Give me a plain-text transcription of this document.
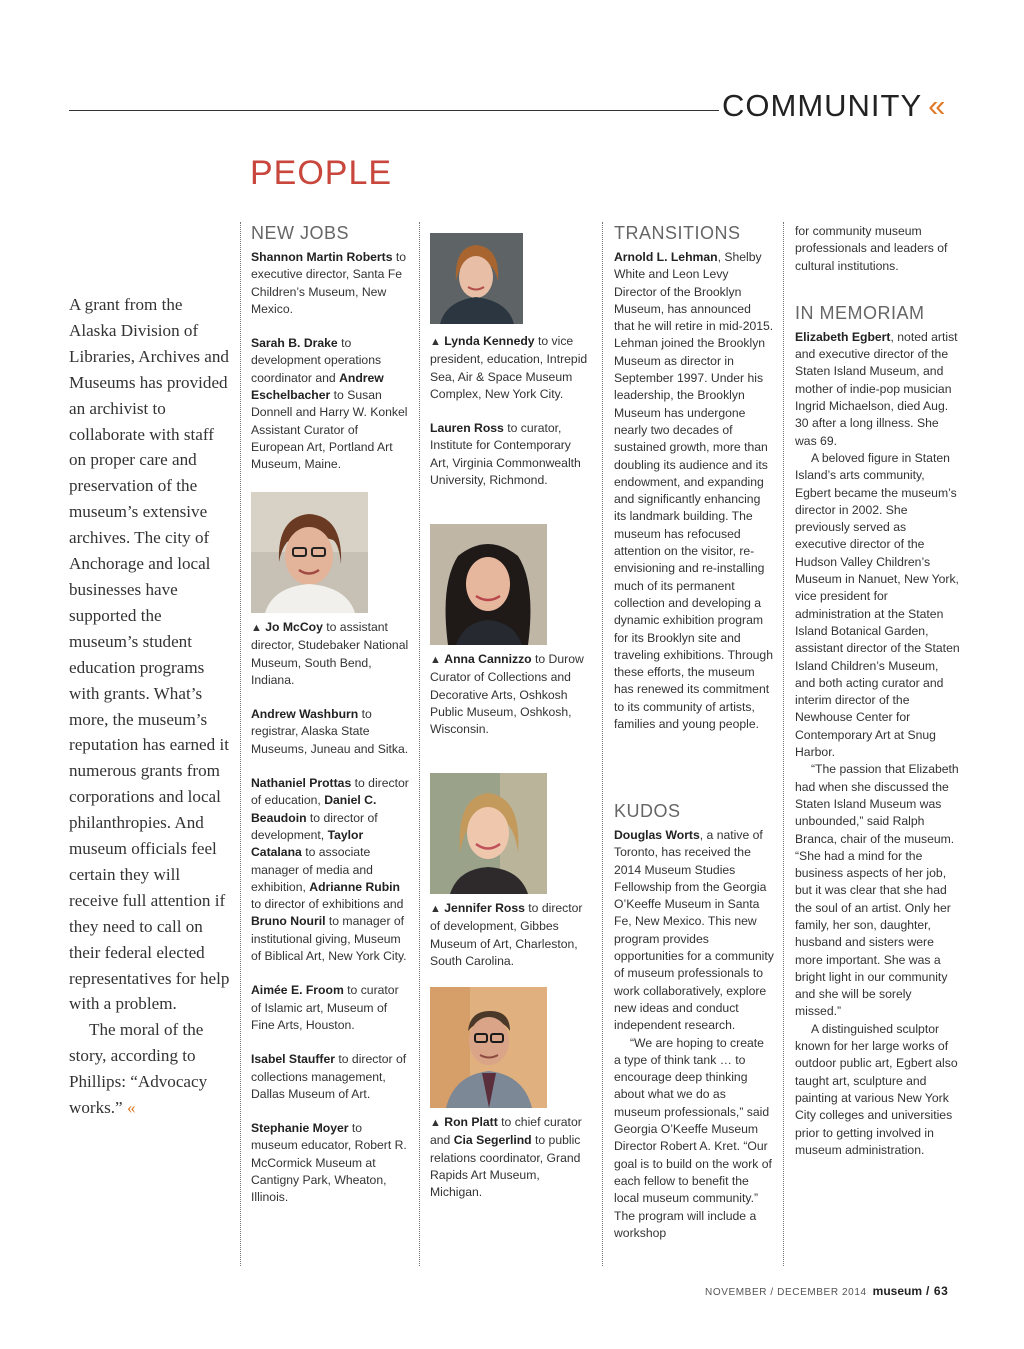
COMMUNITY «
PEOPLE

A grant from the Alaska Division of Libraries, Archives and Museums has provided an archivist to collaborate with staff on proper care and preservation of the museum’s extensive archives. The city of Anchorage and local businesses have supported the museum’s student education programs with grants. What’s more, the museum’s reputation has earned it numerous grants from corporations and local philanthropies. And museum officials feel certain they will receive full attention if they need to call on their federal elected representatives for help with a problem.

The moral of the story, according to Phillips: “Advocacy works.” «

NEW JOBS

Shannon Martin Roberts to executive director, Santa Fe Children’s Museum, New Mexico.

Sarah B. Drake to development operations coordinator and Andrew Eschelbacher to Susan Donnell and Harry W. Konkel Assistant Curator of European Art, Portland Art Museum, Maine.

▲ Jo McCoy to assistant director, Studebaker National Museum, South Bend, Indiana.

Andrew Washburn to registrar, Alaska State Museums, Juneau and Sitka.

Nathaniel Prottas to director of education, Daniel C. Beaudoin to director of development, Taylor Catalana to associate manager of media and exhibition, Adrianne Rubin to director of exhibitions and Bruno Nouril to manager of institutional giving, Museum of Biblical Art, New York City.

Aimée E. Froom to curator of Islamic art, Museum of Fine Arts, Houston.

Isabel Stauffer to director of collections management, Dallas Museum of Art.

Stephanie Moyer to museum educator, Robert R. McCormick Museum at Cantigny Park, Wheaton, Illinois.

▲ Lynda Kennedy to vice president, education, Intrepid Sea, Air & Space Museum Complex, New York City.

Lauren Ross to curator, Institute for Contemporary Art, Virginia Commonwealth University, Richmond.

▲ Anna Cannizzo to Durow Curator of Collections and Decorative Arts, Oshkosh Public Museum, Oshkosh, Wisconsin.

▲ Jennifer Ross to director of development, Gibbes Museum of Art, Charleston, South Carolina.

▲ Ron Platt to chief curator and Cia Segerlind to public relations coordinator, Grand Rapids Art Museum, Michigan.

TRANSITIONS

Arnold L. Lehman, Shelby White and Leon Levy Director of the Brooklyn Museum, has announced that he will retire in mid-2015. Lehman joined the Brooklyn Museum as director in September 1997. Under his leadership, the Brooklyn Museum has undergone nearly two decades of sustained growth, more than doubling its audience and its endowment, and expanding and significantly enhancing its landmark building. The museum has refocused attention on the visitor, re-envisioning and re-installing much of its permanent collection and developing a dynamic exhibition program for its Brooklyn site and traveling exhibitions. Through these efforts, the museum has renewed its commitment to its community of artists, families and young people.

KUDOS

Douglas Worts, a native of Toronto, has received the 2014 Museum Studies Fellowship from the Georgia O’Keeffe Museum in Santa Fe, New Mexico. This new program provides opportunities for a community of museum professionals to work collaboratively, explore new ideas and conduct independent research.

“We are hoping to create a type of think tank … to encourage deep thinking about what we do as museum professionals,” said Georgia O’Keeffe Museum Director Robert A. Kret. “Our goal is to build on the work of each fellow to benefit the local museum community.” The program will include a workshop

for community museum professionals and leaders of cultural institutions.

IN MEMORIAM

Elizabeth Egbert, noted artist and executive director of the Staten Island Museum, and mother of indie-pop musician Ingrid Michaelson, died Aug. 30 after a long illness. She was 69.

A beloved figure in Staten Island’s arts community, Egbert became the museum’s director in 2002. She previously served as executive director of the Hudson Valley Children’s Museum in Nanuet, New York, vice president for administration at the Staten Island Botanical Garden, assistant director of the Staten Island Children’s Museum, and both acting curator and interim director of the Newhouse Center for Contemporary Art at Snug Harbor.

“The passion that Elizabeth had when she discussed the Staten Island Museum was unbounded,” said Ralph Branca, chair of the museum. “She had a mind for the business aspects of her job, but it was clear that she had the soul of an artist. Only her family, her son, daughter, husband and sisters were more important. She was a bright light in our community and she will be sorely missed.”

A distinguished sculptor known for her large works of outdoor public art, Egbert also taught art, sculpture and painting at various New York City colleges and universities prior to getting involved in museum administration.

NOVEMBER / DECEMBER 2014 museum / 63
